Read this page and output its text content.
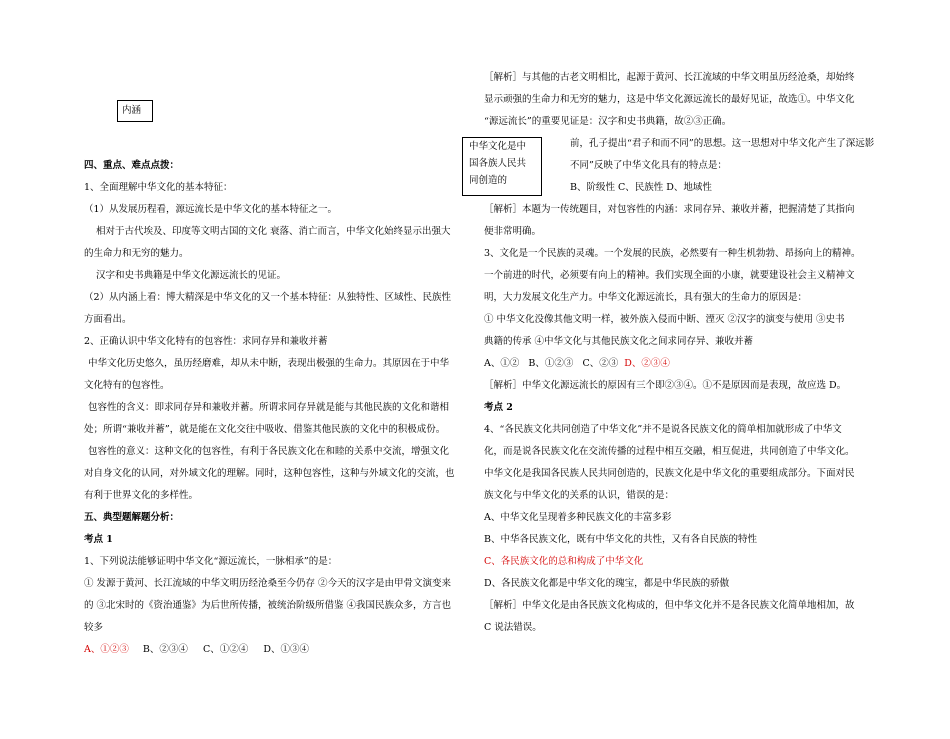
四、重点、难点点拨：
1、全面理解中华文化的基本特征：
（1）从发展历程看，源远流长是中华文化的基本特征之一。
相对于古代埃及、印度等文明古国的文化 衰落、消亡而言，中华文化始终显示出强大
的生命力和无穷的魅力。
汉字和史书典籍是中华文化源远流长的见证。
（2）从内涵上看：博大精深是中华文化的又一个基本特征：从独特性、区域性、民族性
方面看出。
2、正确认识中华文化特有的包容性：求同存异和兼收并蓄
中华文化历史悠久，虽历经磨难，却从未中断，表现出极强的生命力。其原因在于中华
文化特有的包容性。
包容性的含义：即求同存异和兼收并蓄。所谓求同存异就是能与其他民族的文化和谐相
处；所谓“兼收并蓄”，就是能在文化交往中吸收、借鉴其他民族的文化中的积极成份。
包容性的意义：这种文化的包容性，有利于各民族文化在和睦的关系中交流，增强文化
对自身文化的认同，对外域文化的理解。同时，这种包容性，这种与外域文化的交流，也
有利于世界文化的多样性。
五、典型题解题分析：
考点 1
1、下列说法能够证明中华文化“源远流长，一脉相承”的是：
① 发源于黄河、长江流域的中华文明历经沧桑至今仍存 ②今天的汉字是由甲骨文演变来
的 ③北宋时的《资治通鉴》为后世所传播，被统治阶级所借鉴 ④我国民族众多，方言也
较多
A、①②③ B、②③④     C、①②④     D、①③④
［解析］与其他的古老文明相比，起源于黄河、长江流域的中华文明虽历经沧桑，却始终
显示顽强的生命力和无穷的魅力，这是中华文化源远流长的最好见证，故选①。中华文化
“源远流长”的重要见证是：汉字和史书典籍，故②③正确。
前，孔子提出“君子和而不同”的思想。这一思想对中华文化产生了深远影
不同”反映了中华文化具有的特点是：
B、阶级性 C、民族性 D、地域性
［解析］本题为一传统题目，对包容性的内涵：求同存异、兼收并蓄，把握清楚了其指向
便非常明确。
3、文化是一个民族的灵魂。一个发展的民族，必然要有一种生机勃勃、昂扬向上的精神。
一个前进的时代，必须要有向上的精神。我们实现全面的小康，就要建设社会主义精神文
明，大力发展文化生产力。中华文化源远流长，具有强大的生命力的原因是：
① 中华文化没像其他文明一样，被外族入侵而中断、湮灭 ②汉字的演变与使用 ③史书
典籍的传承 ④中华文化与其他民族文化之间求同存异、兼收并蓄
［解析］中华文化源远流长的原因有三个即②③④。①不是原因而是表现，故应选 D。
考点 2
4、“各民族文化共同创造了中华文化”并不是说各民族文化的简单相加就形成了中华文
化，而是说各民族文化在交流传播的过程中相互交融，相互促进，共同创造了中华文化。
中华文化是我国各民族人民共同创造的，民族文化是中华文化的重要组成部分。下面对民
族文化与中华文化的关系的认识，错误的是：
A、中华文化呈现着多种民族文化的丰富多彩
B、中华各民族文化，既有中华文化的共性，又有各自民族的特性
C、各民族文化的总和构成了中华文化
D、各民族文化都是中华文化的瑰宝，都是中华民族的骄傲
［解析］中华文化是由各民族文化构成的，但中华文化并不是各民族文化简单地相加，故
C 说法错误。
A、①②   B、①②③   C、②③  D、②③④
内涵
中华文化是中
国各族人民共
同创造的
